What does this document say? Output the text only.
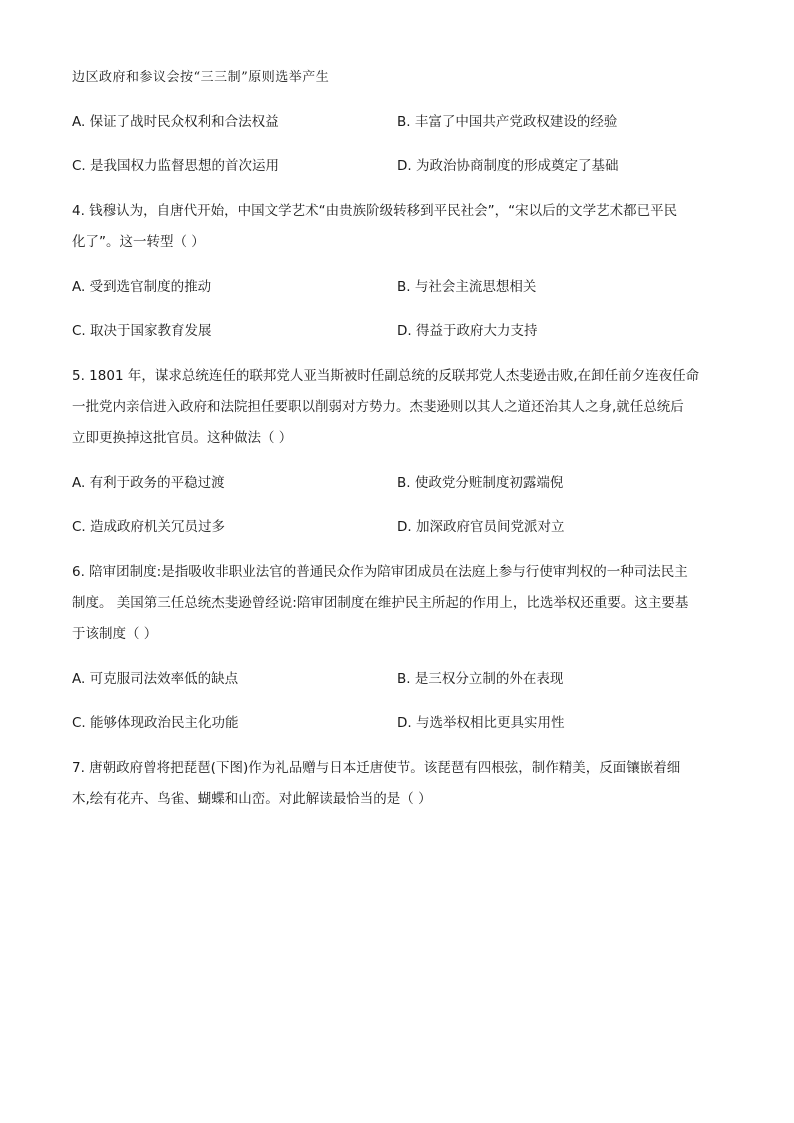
边区政府和参议会按“三三制”原则选举产生
A. 保证了战时民众权利和合法权益	B. 丰富了中国共产党政权建设的经验
C. 是我国权力监督思想的首次运用	D. 为政治协商制度的形成奠定了基础
4. 钱穆认为，自唐代开始，中国文学艺术“由贵族阶级转移到平民社会”，“宋以后的文学艺术都已平民
化了”。这一转型（ ）
A. 受到选官制度的推动	B. 与社会主流思想相关
C. 取决于国家教育发展	D. 得益于政府大力支持
5. 1801 年，谋求总统连任的联邦党人亚当斯被时任副总统的反联邦党人杰斐逊击败,在卸任前夕连夜任命
一批党内亲信进入政府和法院担任要职以削弱对方势力。杰斐逊则以其人之道还治其人之身,就任总统后
立即更换掉这批官员。这种做法（ ）
A. 有利于政务的平稳过渡	B. 使政党分赃制度初露端倪
C. 造成政府机关冗员过多	D. 加深政府官员间党派对立
6. 陪审团制度:是指吸收非职业法官的普通民众作为陪审团成员在法庭上参与行使审判权的一种司法民主
制度。 美国第三任总统杰斐逊曾经说:陪审团制度在维护民主所起的作用上，比选举权还重要。这主要基
于该制度（ ）
A. 可克服司法效率低的缺点	B. 是三权分立制的外在表现
C. 能够体现政治民主化功能	D. 与选举权相比更具实用性
7. 唐朝政府曾将把琵琶(下图)作为礼品赠与日本迁唐使节。该琵琶有四根弦，制作精美，反面镶嵌着细
木,绘有花卉、鸟雀、蝴蝶和山峦。对此解读最恰当的是（ ）
